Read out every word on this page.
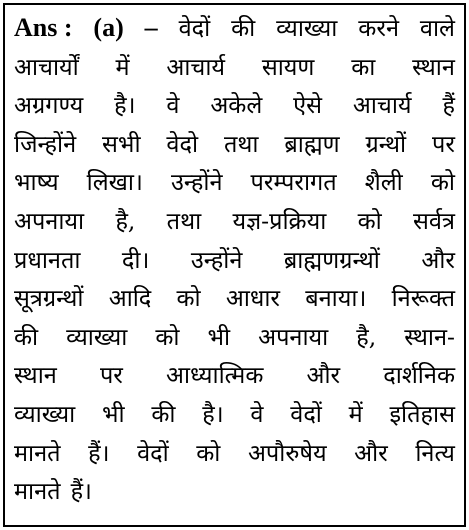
Ans : (a) – वेदों की व्याख्या करने वाले
आचार्यों में आचार्य सायण का स्थान
अग्रगण्य है। वे अकेले ऐसे आचार्य हैं
जिन्होंने सभी वेदो तथा ब्राह्मण ग्रन्थों पर
भाष्य लिखा। उन्होंने परम्परागत शैली को
अपनाया है, तथा यज्ञ-प्रक्रिया को सर्वत्र
प्रधानता दी। उन्होंने ब्राह्मणग्रन्थों और
सूत्रग्रन्थों आदि को आधार बनाया। निरूक्त
की व्याख्या को भी अपनाया है, स्थान-
स्थान पर आध्यात्मिक और दार्शनिक
व्याख्या भी की है। वे वेदों में इतिहास
मानते हैं। वेदों को अपौरुषेय और नित्य
मानते हैं।
